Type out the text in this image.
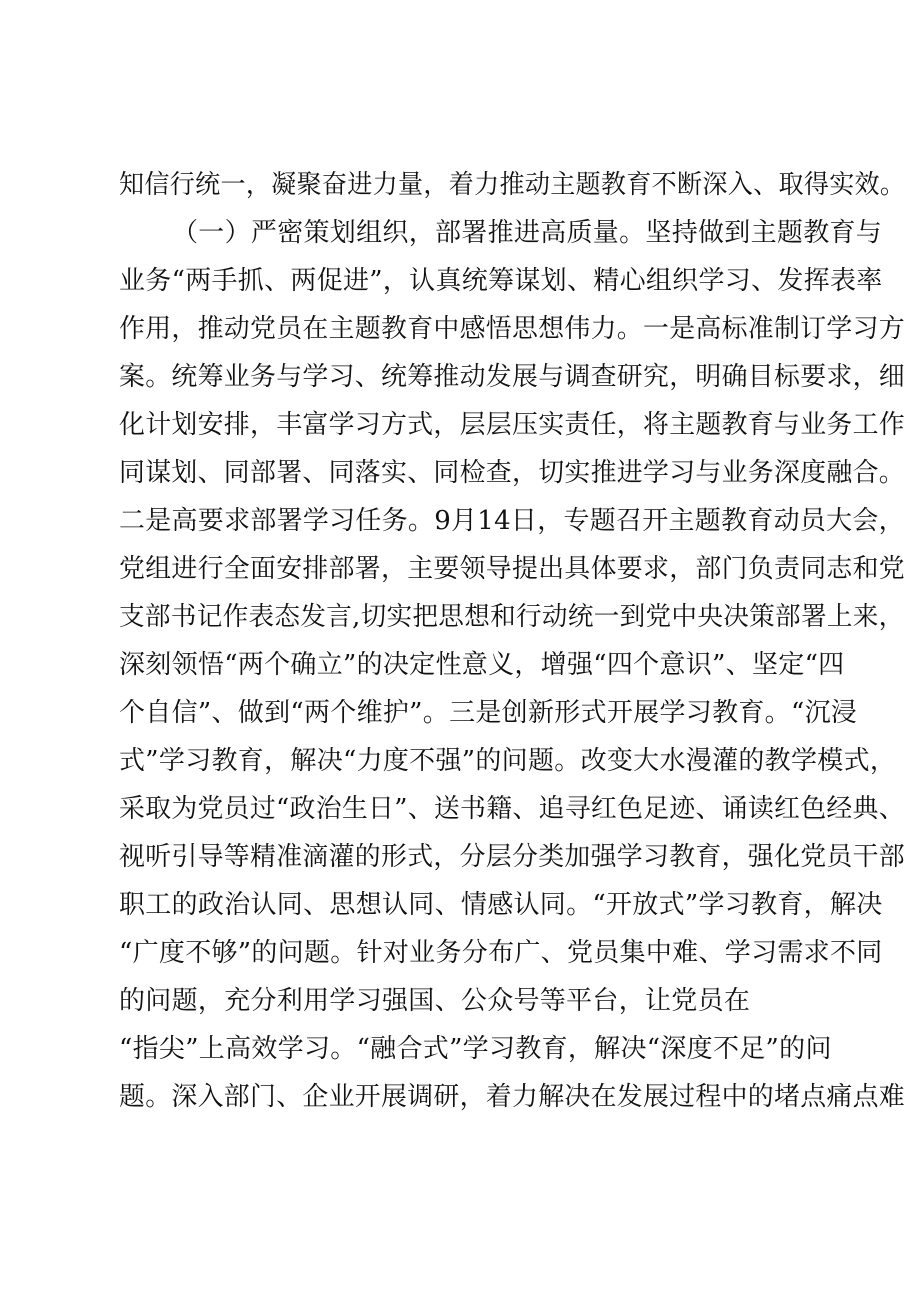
知信行统一，凝聚奋进力量，着力推动主题教育不断深入、取得实效。
（一）严密策划组织，部署推进高质量。坚持做到主题教育与
业务“两手抓、两促进”，认真统筹谋划、精心组织学习、发挥表率
作用，推动党员在主题教育中感悟思想伟力。一是高标准制订学习方
案。统筹业务与学习、统筹推动发展与调查研究，明确目标要求，细
化计划安排，丰富学习方式，层层压实责任，将主题教育与业务工作
同谋划、同部署、同落实、同检查，切实推进学习与业务深度融合。
二是高要求部署学习任务。9月14日，专题召开主题教育动员大会，
党组进行全面安排部署，主要领导提出具体要求，部门负责同志和党
支部书记作表态发言,切实把思想和行动统一到党中央决策部署上来，
深刻领悟“两个确立”的决定性意义，增强“四个意识”、坚定“四
个自信”、做到“两个维护”。三是创新形式开展学习教育。“沉浸
式”学习教育，解决“力度不强”的问题。改变大水漫灌的教学模式，
采取为党员过“政治生日”、送书籍、追寻红色足迹、诵读红色经典、
视听引导等精准滴灌的形式，分层分类加强学习教育，强化党员干部
职工的政治认同、思想认同、情感认同。“开放式”学习教育，解决
“广度不够”的问题。针对业务分布广、党员集中难、学习需求不同
的问题，充分利用学习强国、公众号等平台，让党员在
“指尖”上高效学习。“融合式”学习教育，解决“深度不足”的问
题。深入部门、企业开展调研，着力解决在发展过程中的堵点痛点难
